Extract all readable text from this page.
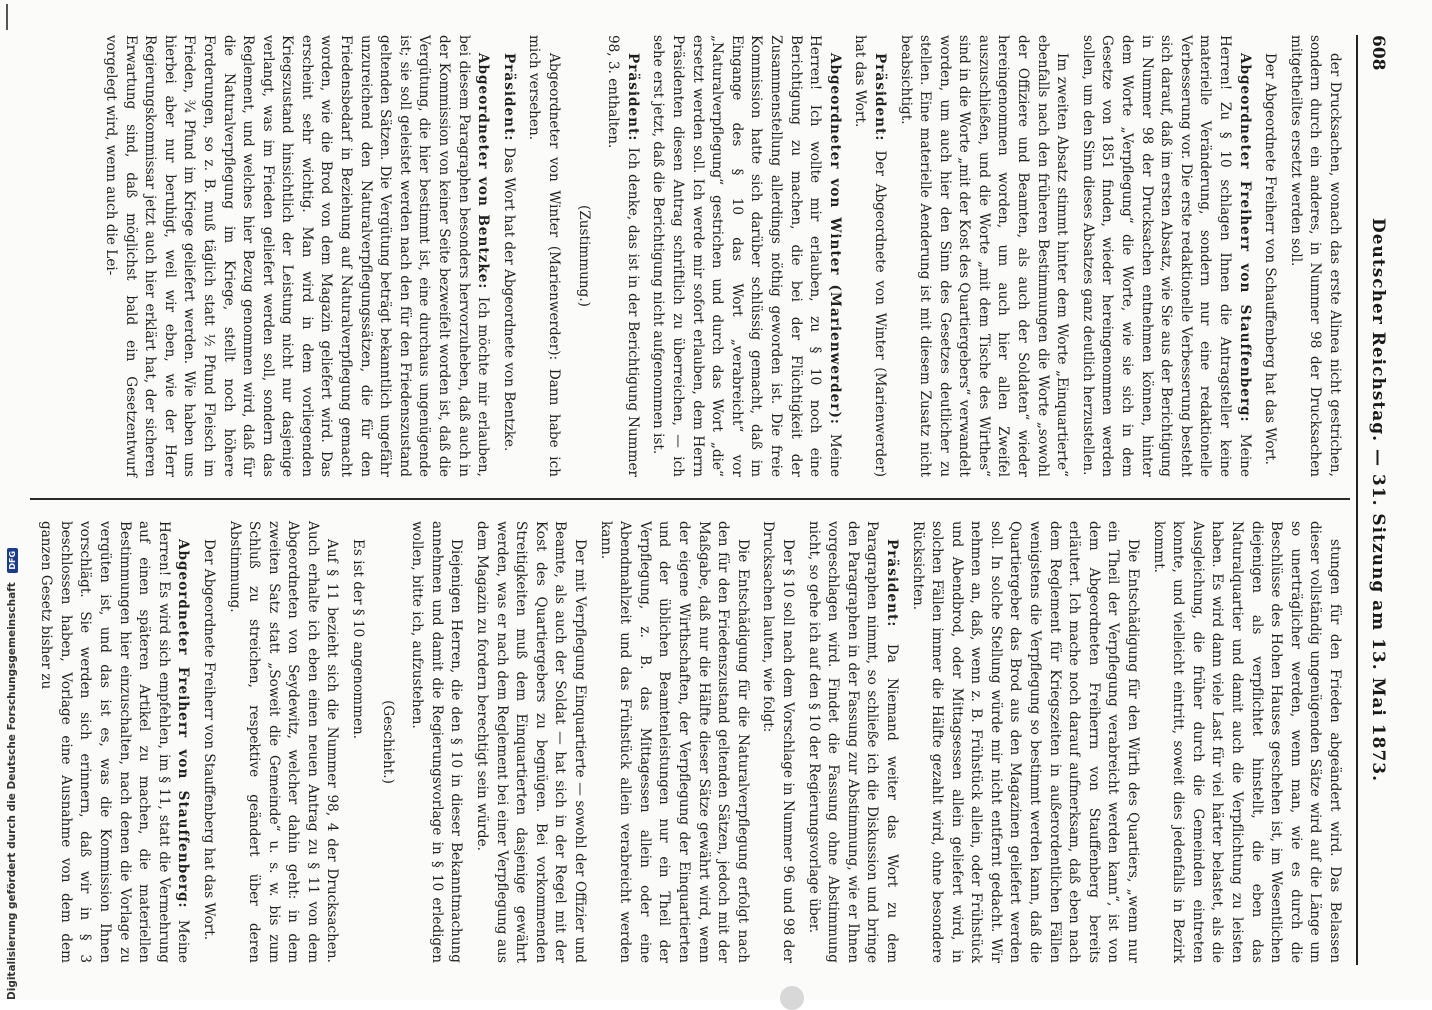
608
Deutscher Reichstag. — 31. Sitzung am 13. Mai 1873.

der Drucksachen, wonach das erste Alinea nicht gestrichen, sondern durch ein anderes, in Nummer 98 der Drucksachen mitgetheiltes ersetzt werden soll.

Der Abgeordnete Freiherr von Schauffenberg hat das Wort.

Abgeordneter Freiherr von Stauffenberg: Meine Herren! Zu § 10 schlagen Ihnen die Antragsteller keine materielle Veränderung, sondern nur eine redaktionelle Verbesserung vor. Die erste redaktionelle Verbesserung besteht sich darauf, daß im ersten Absatz, wie Sie aus der Berichtigung in Nummer 98 der Drucksachen entnehmen können, hinter dem Worte „Verpflegung“ die Worte, wie sie sich in dem Gesetze von 1851 finden, wieder hereingenommen werden sollen, um den Sinn dieses Absatzes ganz deutlich herzustellen.

Im zweiten Absatz stimmt hinter dem Worte „Einquartierte“ ebenfalls nach den früheren Bestimmungen die Worte „sowohl der Offiziere und Beamten, als auch der Soldaten“ wieder hereingenommen worden, um auch hier allen Zweifel auszuschließen, und die Worte „mit dem Tische des Wirthes“ sind in die Worte „mit der Kost des Quartiergebers“ verwandelt worden, um auch hier den Sinn des Gesetzes deutlicher zu stellen. Eine materielle Aenderung ist mit diesem Zusatz nicht beabsichtigt.

Präsident: Der Abgeordnete von Winter (Marienwerder) hat das Wort.

Abgeordneter von Winter (Marienwerder): Meine Herren! Ich wollte mir erlauben, zu § 10 noch eine Berichtigung zu machen, die bei der Flüchtigkeit der Zusammenstellung allerdings nöthig geworden ist. Die freie Kommission hatte sich darüber schlüssig gemacht, daß im Eingange des § 10 das Wort „verabreicht“ vor „Naturalverpflegung“ gestrichen und durch das Wort „die“ ersetzt werden soll. Ich werde mir sofort erlauben, dem Herrn Präsidenten diesen Antrag schriftlich zu überreichen, — ich sehe erst jetzt, daß die Berichtigung nicht aufgenommen ist.

Präsident: Ich denke, das ist in der Berichtigung Nummer 98, 3. enthalten.

(Zustimmung.)

Abgeordneter von Winter (Marienwerder): Dann habe ich mich versehen.

Präsident: Das Wort hat der Abgeordnete von Bentzke.

Abgeordneter von Bentzke: Ich möchte mir erlauben, bei diesem Paragraphen besonders hervorzuheben, daß auch in der Kommission von keiner Seite bezweifelt worden ist, daß die Vergütung, die hier bestimmt ist, eine durchaus ungenügende ist; sie soll geleistet werden nach den für den Friedenszustand geltenden Sätzen. Die Vergütung beträgt bekanntlich ungefähr unzureichend den Naturalverpflegungssätzen, die für den Friedensbedarf in Beziehung auf Naturalverpflegung gemacht worden, wie die Brod von dem Magazin geliefert wird. Das erscheint sehr wichtig. Man wird in dem vorliegenden Kriegszustand hinsichtlich der Leistung nicht nur dasjenige verlangt, was im Frieden geliefert werden soll, sondern das Reglement, und welches hier Bezug genommen wird, daß für die Naturalverpflegung im Kriege, stellt noch höhere Forderungen, so z. B. muß täglich statt ½ Pfund Fleisch im Frieden, ¾ Pfund im Kriege geliefert werden. Wie haben uns hierbei aber nur beruhigt, weil wir eben, wie der Herr Regierungskommissar jetzt auch hier erklärt hat, der sicheren Erwartung sind, daß möglichst bald ein Gesetzentwurf vorgelegt wird, wenn auch die Lei-

stungen für den Frieden abgeändert wird. Das Belassen dieser vollständig ungenügenden Sätze wird auf die Länge um so unerträglicher werden, wenn man, wie es durch die Beschlüsse des Hohen Hauses geschehen ist, im Wesentlichen diejenigen als verpflichtet hinstellt, die eben das Naturalquartier und damit auch die Verpflichtung zu leisten haben. Es wird dann viele Last für viel härter belastet, als die Ausgleichung, die früher durch die Gemeinden eintreten konnte, und vielleicht eintritt, soweit dies jedenfalls in Bezirk kommt.

Die Entschädigung für den Wirth des Quartiers, „wenn nur ein Theil der Verpflegung verabreicht werden kann“, ist von dem Abgeordneten Freiherrn von Stauffenberg bereits erläutert. Ich mache noch darauf aufmerksam, daß eben nach dem Reglement für Kriegszeiten in außerordentlichen Fällen wenigstens die Verpflegung so bestimmt werden kann, daß die Quartiergeber das Brod aus den Magazinen geliefert werden soll. In solche Stellung würde mir nicht entfernt gedacht. Wir nehmen an, daß, wenn z. B. Frühstück allein, oder Frühstück und Abendbrod, oder Mittagsessen allein geliefert wird, in solchen Fällen immer die Hälfte gezahlt wird, ohne besondere Rücksichten.

Präsident: Da Niemand weiter das Wort zu dem Paragraphen nimmt, so schließe ich die Diskussion und bringe den Paragraphen in der Fassung zur Abstimmung, wie er Ihnen vorgeschlagen wird. Findet die Fassung ohne Abstimmung nicht, so gehe ich auf den § 10 der Regierungsvorlage über.

Der § 10 soll nach dem Vorschlage in Nummer 96 und 98 der Drucksachen lauten, wie folgt:

Die Entschädigung für die Naturalverpflegung erfolgt nach den für den Friedenszustand geltenden Sätzen, jedoch mit der Maßgabe, daß nur die Hälfte dieser Sätze gewährt wird, wenn der eigene Wirthschaften, der Verpflegung der Einquartierten und der üblichen Beamtenleistungen nur ein Theil der Verpflegung, z. B. das Mittagessen allein oder eine Abendmahlzeit und das Frühstück allein verabreicht werden kann.

Der mit Verpflegung Einquartierte — sowohl der Offizier und Beamte, als auch der Soldat — hat sich in der Regel mit der Kost des Quartiergebers zu begnügen. Bei vorkommenden Streitigkeiten muß dem Einquartierten dasjenige gewährt werden, was er nach dem Reglement bei einer Verpflegung aus dem Magazin zu fordern berechtigt sein würde.

Diejenigen Herren, die den § 10 in dieser Bekanntmachung annehmen und damit die Regierungsvorlage in § 10 erledigen wollen, bitte ich, aufzustehen.

(Geschieht.)

Es ist der § 10 angenommen.

Auf § 11 bezieht sich die Nummer 98, 4 der Drucksachen. Auch erhalte ich eben einen neuen Antrag zu § 11 von dem Abgeordneten von Seydewitz, welcher dahin geht: in dem zweiten Satz statt „Soweit die Gemeinde“ u. s. w. bis zum Schluß zu streichen, respektive geändert über deren Abstimmung.

Der Abgeordnete Freiherr von Stauffenberg hat das Wort.

Abgeordneter Freiherr von Stauffenberg: Meine Herren! Es wird sich empfehlen, im § 11, statt die Vermehrung auf einen späteren Artikel zu machen, die materiellen Bestimmungen hier einzuschalten, nach denen die Vorlage zu vergüten ist, und das ist es, was die Kommission Ihnen vorschlägt. Sie werden sich erinnern, daß wir in § 3 beschlossen haben, Vorlage eine Ausnahme von dem dem ganzen Gesetz bisher zu

Digitalisierung gefördert durch die Deutsche Forschungsgemeinschaft DFG
